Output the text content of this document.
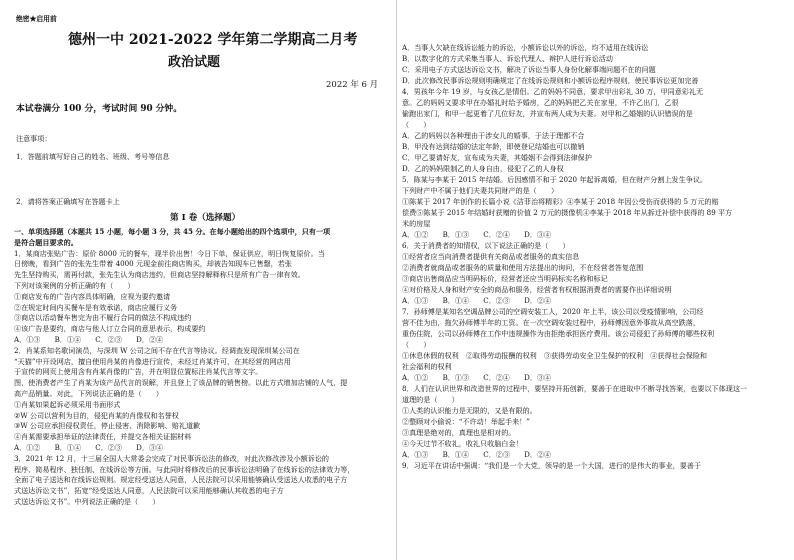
绝密★启用前
德州一中 2021-2022 学年第二学期高二月考
政治试题
2022 年 6 月
本试卷满分 100 分，考试时间 90 分钟。
注意事项：
1．答题前填写好自己的姓名、班级、考号等信息
2．请将答案正确填写在答题卡上
第 I 卷（选择题）
一、单项选择题（本题共 15 小题，每小题 3 分，共 45 分。在每小题给出的四个选项中，只有一项
是符合题目要求的。
1．某商店张贴广告：原价 8000 元的餐车，现半价出售！今日下单，保证供应，明日恢复原价。当
日傍晚，看到广告的张先生带着 4000 元现金前往商店购买，却被告知现车已售罄，若张
先生坚持购买，需再付款，张先生认为商店违约，但商店坚持解释称只是所有广告一律有效。
下列对该案例的分析正确的有（　　）
①商店发布的广告内容具体明确，应视为要约邀请
②在规定时间内买餐车是有效承诺，商店应履行义务
③商店以活动餐车售完为由不履行合同的做法不构成违约
④该广告是要约，商店与他人订立合同的意思表示，构成要约
A．①③　　B．①④　　C．②③　　D．②④
2．肖某系知名歌词演员，与深圳 W 公司之间不存在代言等协议。经调查发现深圳某公司在
“天猫”中开设网店，擅自使用肖某的肖像进行宣传，未经过肖某许可，在其经营的网店用
于宣传的网页上使用含有肖某肖像的广告，并在明显位置标注肖某代言等文字。
图，使消费者产生了肖某为该产品代言的误解，并且登上了该品牌的销售榜。以此方式增加店铺的人气，提
高产品销量。对此，下列说法正确的是（　　）
①肖某如果起诉必须采用书面形式
②W 公司以营利为目的，侵犯肖某的肖像权和名誉权
③W 公司应承担侵权责任，停止侵害、消除影响、赔礼道歉
④肖某需要承担举证的法律责任，并提交各相关证据材料
A．①②　　B．①④　　C．②③　　D．③④
3．2021 年 12 月，十三届全国人大常委会完成了对民事诉讼法的修改，对此次修改涉及小额诉讼的
程序、简易程序、独任制、在线诉讼等方面。与此同时将修改后的民事诉讼法明确了在线诉讼的法律效力等，
全面了电子送达和在线诉讼规则。规定经受送达人同意，人民法院可以采用能够确认受送达人收悉的电子方
式送达诉讼文书”，拓宽“经受送达人同意，人民法院可以采用能够确认其收悉的电子方
式送达诉讼文书”。中列说法正确的是（　　）
A．当事人欠缺在线诉讼能力的诉讼，小额诉讼以外的诉讼，均不适用在线诉讼
B．以数字化的方式采集当事人、诉讼代理人、辩护人进行诉讼活动
C．采用电子方式送达诉讼文书，解决了诉讼当事人身份化解事端问题不在的问题
D．此次修改民事诉讼规则明确规定了在线诉讼规则和小额诉讼程序规则，使民事诉讼更加完善
4．男孩年今年 19 岁，与女孩乙是情侣。乙的妈妈不同意，要求甲出彩礼 30 万，甲同意彩礼无
意。乙的妈妈又要求甲在办婚礼时给予婚房，乙的妈妈把乙关在家里，不许乙出门，乙很
偷跑出家门，和甲一起更着了几位好友，并宣布两人成为夫妻。对甲和乙婚姻的认识错误的是
（　　）
A．乙的妈妈以各种理由干涉女儿的婚事，于法于理都不合
B．甲没有达到结婚的法定年龄，即使登记结婚也可以撤销
C．甲乙要请好友，宣布成为夫妻，其婚姻不会得到法律保护
D．乙的妈妈限制乙的人身自由，侵犯了乙的人身权
5．陈某与李某于 2015 年结婚。后因感情不和于 2020 年起诉离婚，但在财产分割上发生争议。
下列财产中不属于他们夫妻共同财产的是（　　）
①陈某于 2017 年创作的长篇小说《洁菲治将精彩》④李某于 2018 年因公受伤而获得的 5 万元的赔
偿费⑤陈某于 2015 年结婚时获赠的价值 2 万元的摄像机④李某于 2018 年从拆迁补偿中获得的 89 平方
米的房屋
A．①②　　B．①③　　C．②④　　D．③④
6．关于消费者的知情权，以下说法正确的是（　　）
①经营者应当向消费者提供有关商品或者服务的真实信息
②消费者就商品或者服务的质量和使用方法提出的询问，不在经营者答复范围
③商店出售商品应当明码标价，经营者还应当明码标实名称和标记
④对价格及人身和财产安全的商品和服务，经营者有权根据消费者的需要作出详细说明
A．①③　　B．①④　　C．②③　　D．②④
7．孙师傅是某知名空调品牌公司的空调安装工人，2020 年上半，该公司以受疫情影响，公司经
营不佳为由，拖欠孙师傅半年的工资。在一次空调安装过程中，孙师傅因意外事故从高空跌落，
重伤住院，公司以孙师傅在工作中违规操作为由拒绝承担医疗费用。该公司侵犯了孙师傅的哪些权利
（　　）
①休息休假的权利　②取得劳动报酬的权利　③获得劳动安全卫生保护的权利　④获得社会保险和
社会福利的权利
A．①②　　B．①③　　C．②④　　D．③④
8．人们在认识世界和改造世界的过程中，要坚持开拓创新，要善于在进取中不断寻找答案，也要以下体现这一
道理的是（　　）
①人类的认识能力是无限的，又是有限的。
②整顾对小偷说：“不许动！举起手来！”
③真理是绝对的，真理也是相对的。
④今天过节不收礼，收礼只收脑白金！
A．①③　　B．①④　　C．②③　　D．②④
9．习近平在讲话中强调：“我们是一个大党，领导的是一个大国，进行的是伟大的事业，要善于
